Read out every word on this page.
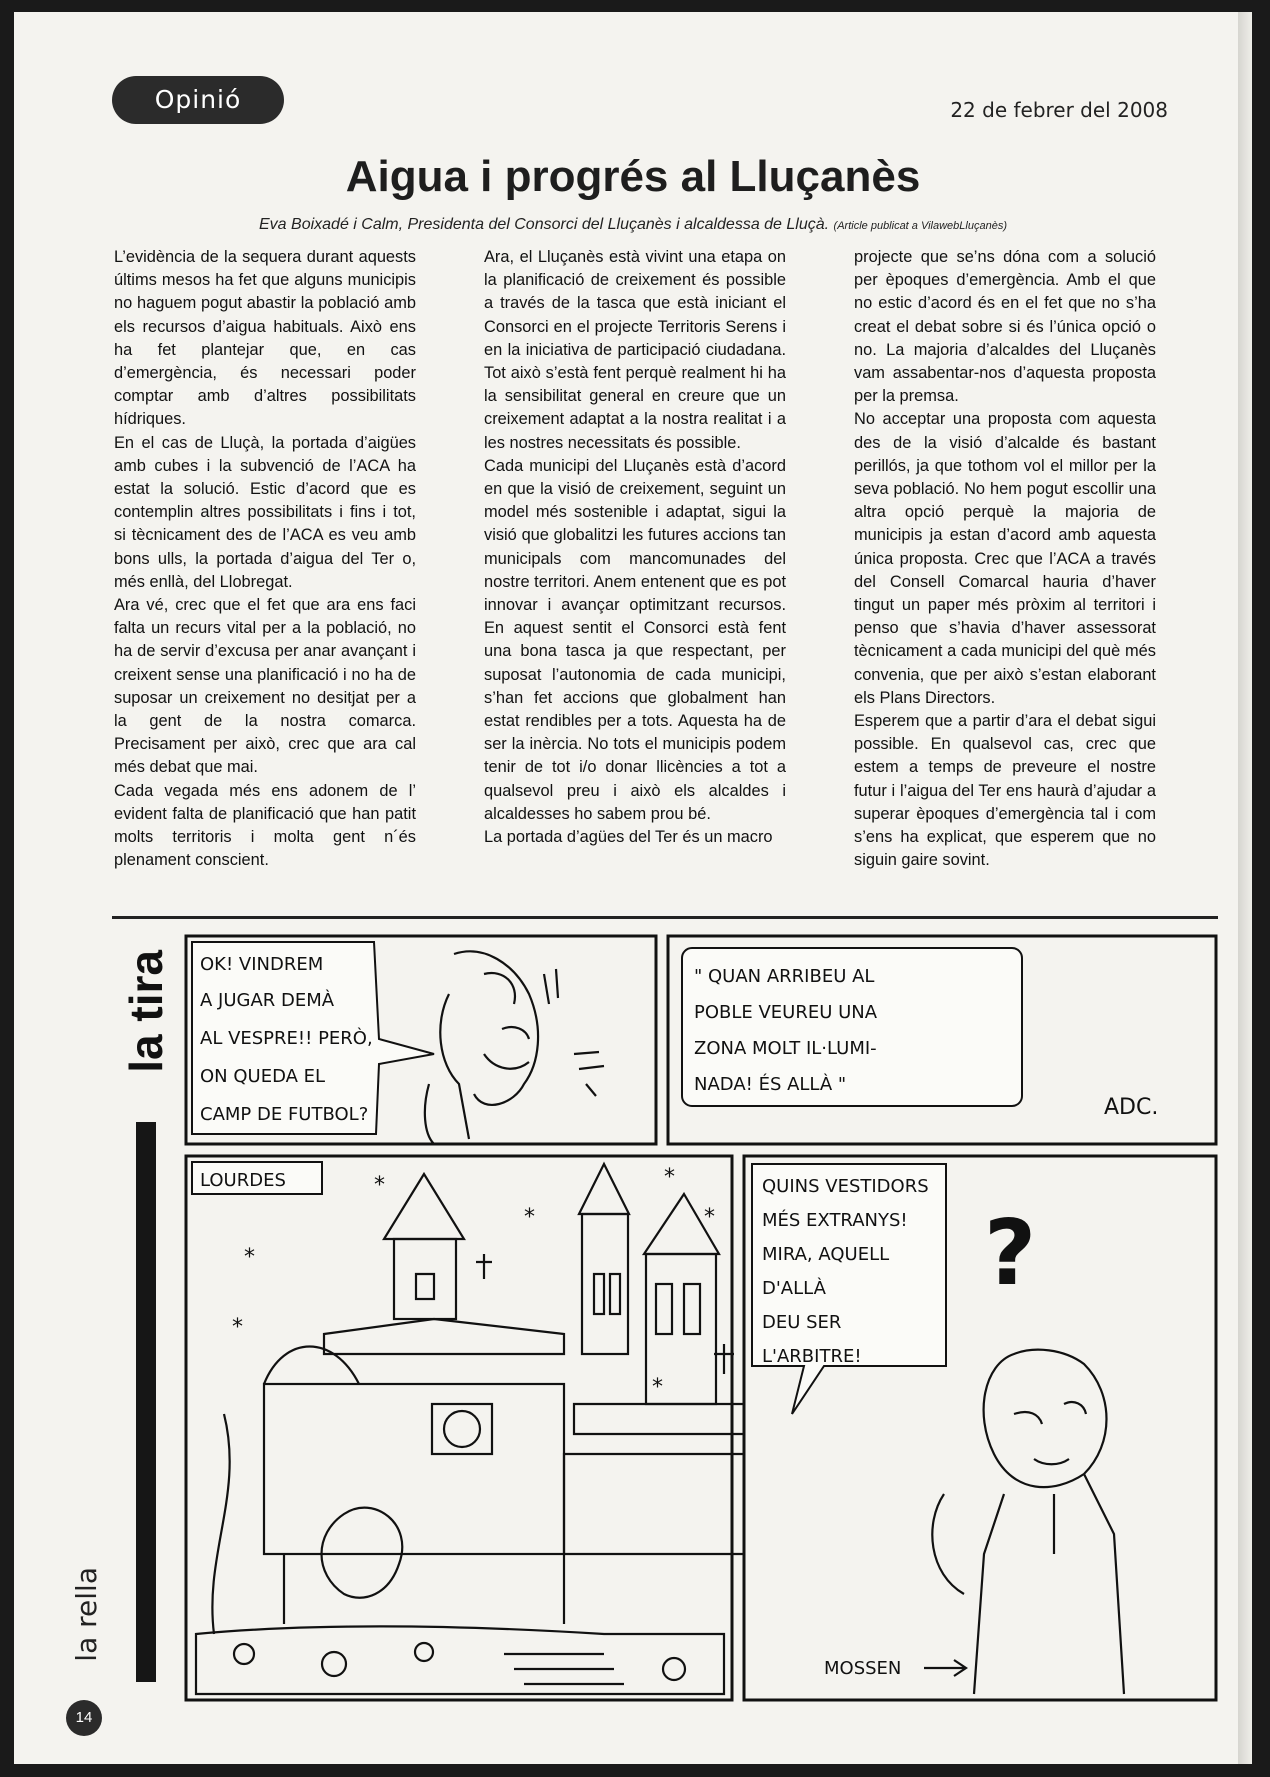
Opinió	22 de febrer del 2008
Aigua i progrés al Lluçanès
Eva Boixadé i Calm, Presidenta del Consorci del Lluçanès i alcaldessa de Lluçà. (Article publicat a VilawebLluçanès)

L’evidència de la sequera durant aquests últims mesos ha fet que alguns municipis no haguem pogut abastir la població amb els recursos d’aigua habituals. Això ens ha fet plantejar que, en cas d’emergència, és necessari poder comptar amb d’altres possibilitats hídriques.

En el cas de Lluçà, la portada d’aigües amb cubes i la subvenció de l’ACA ha estat la solució. Estic d’acord que es contemplin altres possibilitats i fins i tot, si tècnicament des de l’ACA es veu amb bons ulls, la portada d’aigua del Ter o, més enllà, del Llobregat.

Ara vé, crec que el fet que ara ens faci falta un recurs vital per a la població, no ha de servir d’excusa per anar avançant i creixent sense una planificació i no ha de suposar un creixement no desitjat per a la gent de la nostra comarca. Precisament per això, crec que ara cal més debat que mai.

Cada vegada més ens adonem de l’ evident falta de planificació que han patit molts territoris i molta gent n´és plenament conscient.

Ara, el Lluçanès està vivint una etapa on la planificació de creixement és possible a través de la tasca que està iniciant el Consorci en el projecte Territoris Serens i en la iniciativa de participació ciudadana. Tot això s’està fent perquè realment hi ha la sensibilitat general en creure que un creixement adaptat a la nostra realitat i a les nostres necessitats és possible.

Cada municipi del Lluçanès està d’acord en que la visió de creixement, seguint un model més sostenible i adaptat, sigui la visió que globalitzi les futures accions tan municipals com mancomunades del nostre territori. Anem entenent que es pot innovar i avançar optimitzant recursos. En aquest sentit el Consorci està fent una bona tasca ja que respectant, per suposat l’autonomia de cada municipi, s’han fet accions que globalment han estat rendibles per a tots. Aquesta ha de ser la inèrcia. No tots el municipis podem tenir de tot i/o donar llicències a tot a qualsevol preu i això els alcaldes i alcaldesses ho sabem prou bé.

La portada d’agües del Ter és un macro

projecte que se’ns dóna com a solució per èpoques d’emergència. Amb el que no estic d’acord és en el fet que no s’ha creat el debat sobre si és l’única opció o no. La majoria d’alcaldes del Lluçanès vam assabentar-nos d’aquesta proposta per la premsa.

No acceptar una proposta com aquesta des de la visió d’alcalde és bastant perillós, ja que tothom vol el millor per la seva població. No hem pogut escollir una altra opció perquè la majoria de municipis ja estan d’acord amb aquesta única proposta. Crec que l’ACA a través del Consell Comarcal hauria d’haver tingut un paper més pròxim al territori i penso que s’havia d’haver assessorat tècnicament a cada municipi del què més convenia, que per això s’estan elaborant els Plans Directors.

Esperem que a partir d’ara el debat sigui possible. En qualsevol cas, crec que estem a temps de preveure el nostre futur i l’aigua del Ter ens haurà d’ajudar a superar èpoques d’emergència tal i com s’ens ha explicat, que esperem que no siguin gaire sovint.

la tira OK! VINDREM
A JUGAR DEMÀ
AL VESPRE!! PERÒ,
ON QUEDA EL
CAMP DE FUTBOL?
" QUAN ARRIBEU AL
POBLE VEUREU UNA
ZONA MOLT IL·LUMI-
NADA! ÉS ALLÀ "
ADC.
LOURDES	*
*
*
*
*
*
*
QUINS VESTIDORS
MÉS EXTRANYS!
MIRA, AQUELL
D'ALLÀ
DEU SER
L'ARBITRE!
?
MOSSEN
la rella
14
